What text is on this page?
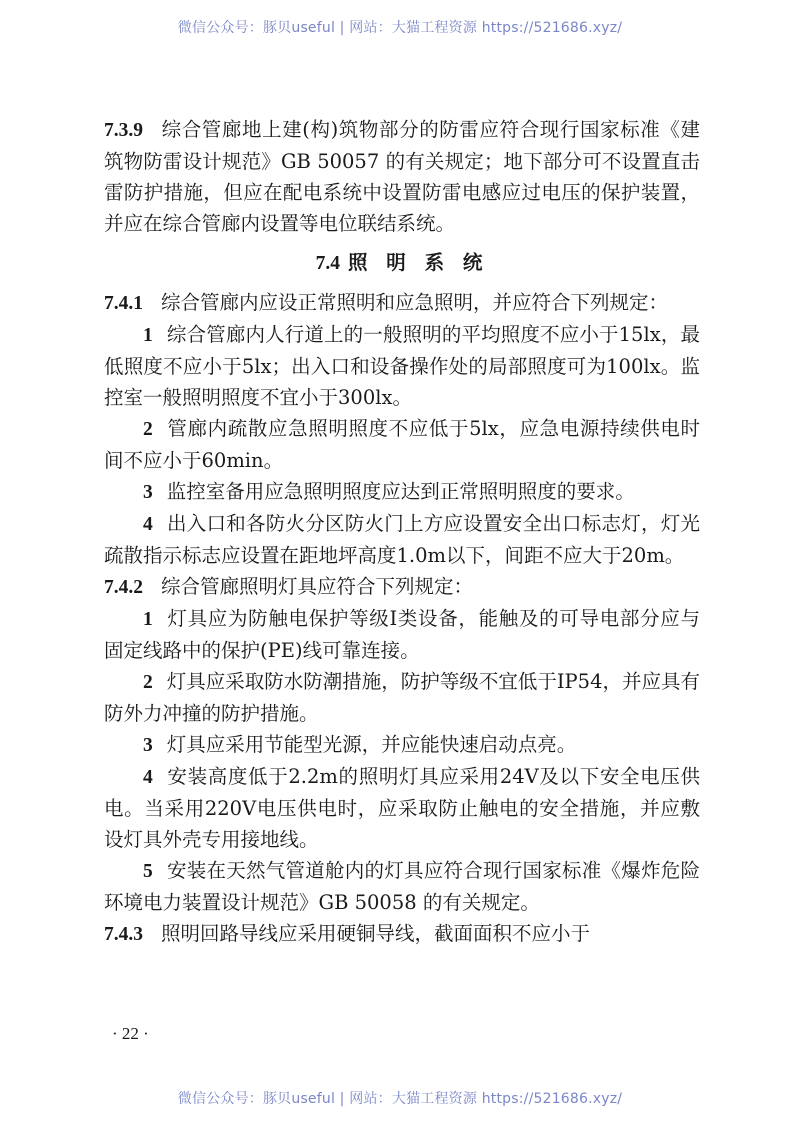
微信公众号：豚贝useful | 网站：大猫工程资源 https://521686.xyz/

7.3.9 综合管廊地上建(构)筑物部分的防雷应符合现行国家标准《建筑物防雷设计规范》GB 50057 的有关规定；地下部分可不设置直击雷防护措施，但应在配电系统中设置防雷电感应过电压的保护装置，并应在综合管廊内设置等电位联结系统。

7.4 照 明 系 统

7.4.1 综合管廊内应设正常照明和应急照明，并应符合下列规定：

1 综合管廊内人行道上的一般照明的平均照度不应小于15lx，最低照度不应小于5lx；出入口和设备操作处的局部照度可为100lx。监控室一般照明照度不宜小于300lx。

2 管廊内疏散应急照明照度不应低于5lx，应急电源持续供电时间不应小于60min。

3 监控室备用应急照明照度应达到正常照明照度的要求。

4 出入口和各防火分区防火门上方应设置安全出口标志灯，灯光疏散指示标志应设置在距地坪高度1.0m以下，间距不应大于20m。

7.4.2 综合管廊照明灯具应符合下列规定：

1 灯具应为防触电保护等级Ⅰ类设备，能触及的可导电部分应与固定线路中的保护(PE)线可靠连接。

2 灯具应采取防水防潮措施，防护等级不宜低于IP54，并应具有防外力冲撞的防护措施。

3 灯具应采用节能型光源，并应能快速启动点亮。

4 安装高度低于2.2m的照明灯具应采用24V及以下安全电压供电。当采用220V电压供电时，应采取防止触电的安全措施，并应敷设灯具外壳专用接地线。

5 安装在天然气管道舱内的灯具应符合现行国家标准《爆炸危险环境电力装置设计规范》GB 50058 的有关规定。

7.4.3 照明回路导线应采用硬铜导线，截面面积不应小于

· 22 ·
微信公众号：豚贝useful | 网站：大猫工程资源 https://521686.xyz/
